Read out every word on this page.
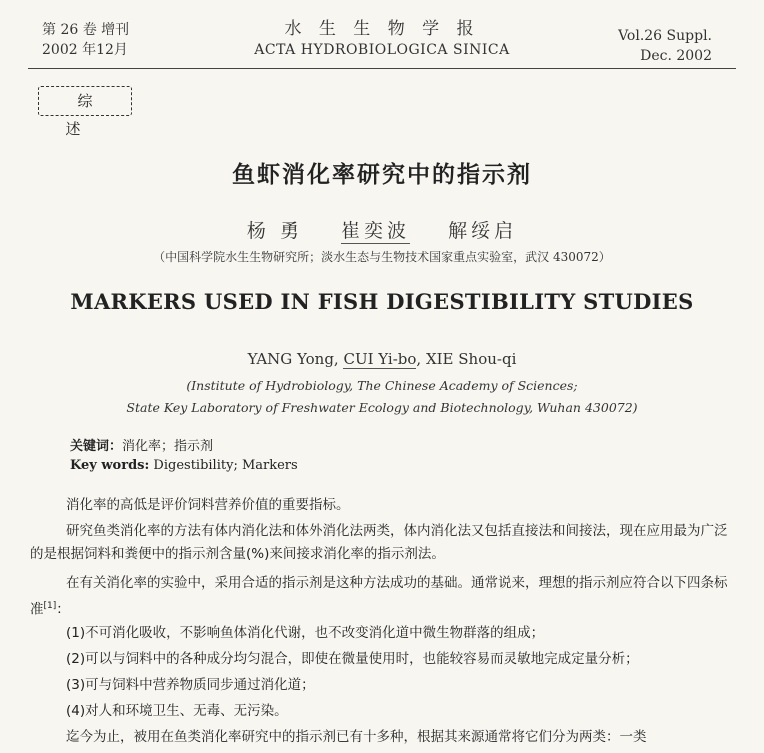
第 26 卷 增刊
2002 年12月
水 生 生 物 学 报
ACTA HYDROBIOLOGICA SINICA
Vol.26 Suppl.
Dec. 2002
综述
鱼虾消化率研究中的指示剂
杨 勇 崔奕波 解绥启
（中国科学院水生生物研究所；淡水生态与生物技术国家重点实验室，武汉 430072）
MARKERS USED IN FISH DIGESTIBILITY STUDIES
YANG Yong, CUI Yi-bo, XIE Shou-qi
(Institute of Hydrobiology, The Chinese Academy of Sciences;
State Key Laboratory of Freshwater Ecology and Biotechnology, Wuhan 430072)
关键词：消化率；指示剂
Key words: Digestibility; Markers
消化率的高低是评价饲料营养价值的重要指标。
研究鱼类消化率的方法有体内消化法和体外消化法两类，体内消化法又包括直接法和间接法，现在应用最为广泛的是根据饲料和粪便中的指示剂含量(%)来间接求消化率的指示剂法。
在有关消化率的实验中，采用合适的指示剂是这种方法成功的基础。通常说来，理想的指示剂应符合以下四条标准[1]：
(1)不可消化吸收，不影响鱼体消化代谢，也不改变消化道中微生物群落的组成；
(2)可以与饲料中的各种成分均匀混合，即使在微量使用时，也能较容易而灵敏地完成定量分析；
(3)可与饲料中营养物质同步通过消化道；
(4)对人和环境卫生、无毒、无污染。
迄今为止，被用在鱼类消化率研究中的指示剂已有十多种，根据其来源通常将它们分为两类：一类
